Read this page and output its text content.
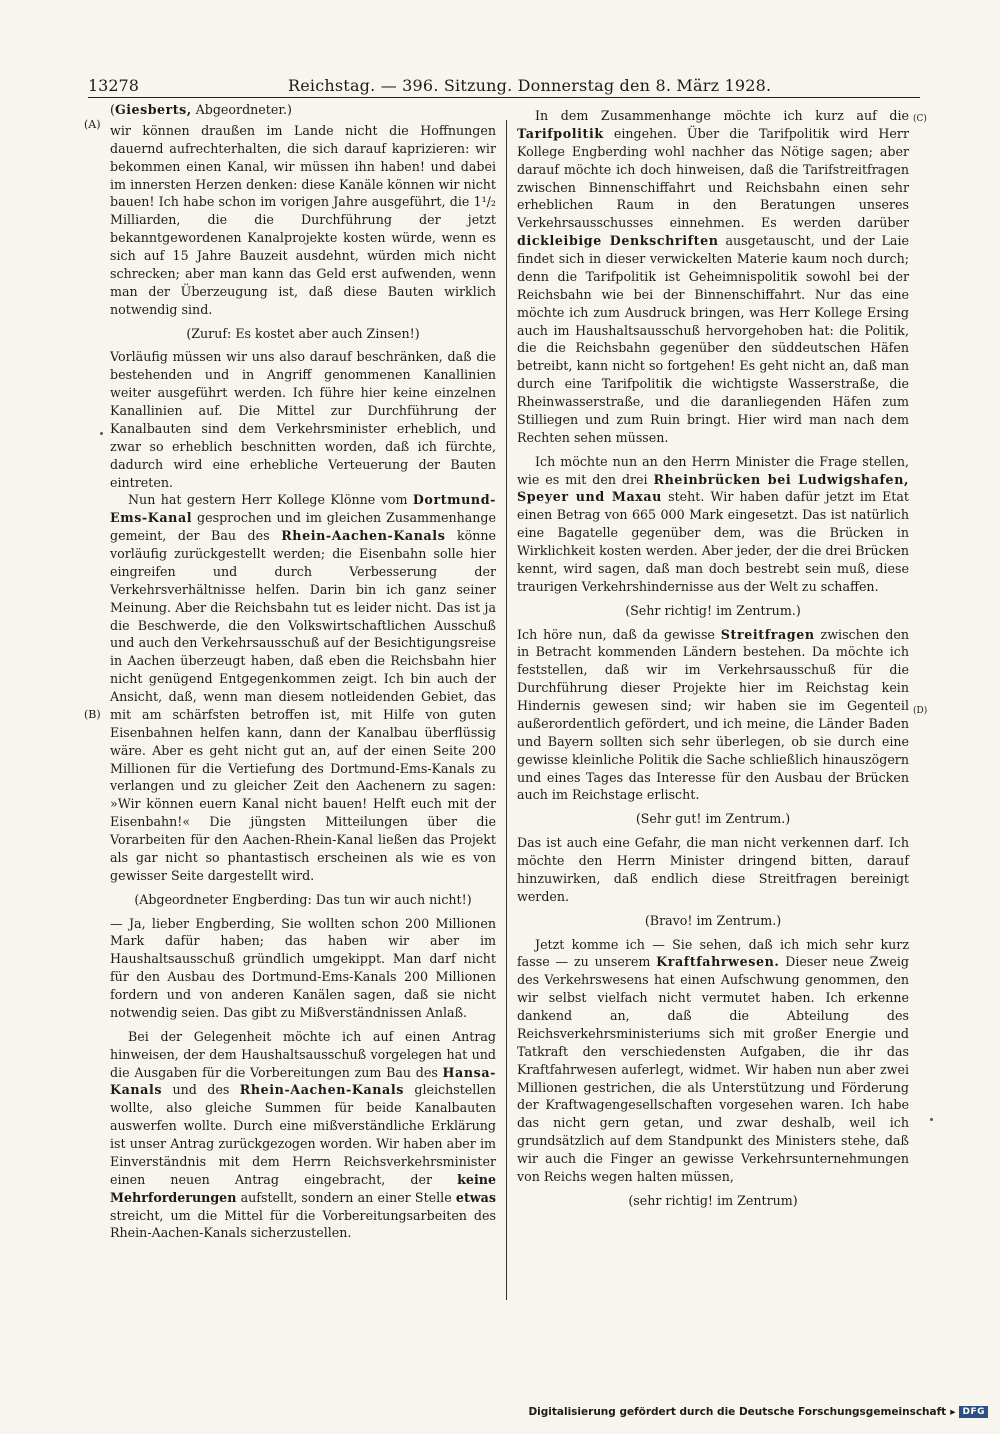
13278	Reichstag. — 396. Sitzung. Donnerstag den 8. März 1928.
(A)
(B)
(C)
(D)

(Giesberts, Abgeordneter.)

wir können draußen im Lande nicht die Hoffnungen dauernd aufrechterhalten, die sich darauf kaprizieren: wir bekommen einen Kanal, wir müssen ihn haben! und dabei im innersten Herzen denken: diese Kanäle können wir nicht bauen! Ich habe schon im vorigen Jahre ausgeführt, die 1¹/₂ Milliarden, die die Durchführung der jetzt bekanntgewordenen Kanalprojekte kosten würde, wenn es sich auf 15 Jahre Bauzeit ausdehnt, würden mich nicht schrecken; aber man kann das Geld erst aufwenden, wenn man der Überzeugung ist, daß diese Bauten wirklich notwendig sind.

(Zuruf: Es kostet aber auch Zinsen!)

Vorläufig müssen wir uns also darauf beschränken, daß die bestehenden und in Angriff genommenen Kanallinien weiter ausgeführt werden. Ich führe hier keine einzelnen Kanallinien auf. Die Mittel zur Durchführung der Kanalbauten sind dem Verkehrsminister erheblich, und zwar so erheblich beschnitten worden, daß ich fürchte, dadurch wird eine erhebliche Verteuerung der Bauten eintreten.

Nun hat gestern Herr Kollege Klönne vom Dortmund-Ems-Kanal gesprochen und im gleichen Zusammenhange gemeint, der Bau des Rhein-Aachen-Kanals könne vorläufig zurückgestellt werden; die Eisenbahn solle hier eingreifen und durch Verbesserung der Verkehrsverhältnisse helfen. Darin bin ich ganz seiner Meinung. Aber die Reichsbahn tut es leider nicht. Das ist ja die Beschwerde, die den Volkswirtschaftlichen Ausschuß und auch den Verkehrsausschuß auf der Besichtigungsreise in Aachen überzeugt haben, daß eben die Reichsbahn hier nicht genügend Entgegenkommen zeigt. Ich bin auch der Ansicht, daß, wenn man diesem notleidenden Gebiet, das mit am schärfsten betroffen ist, mit Hilfe von guten Eisenbahnen helfen kann, dann der Kanalbau überflüssig wäre. Aber es geht nicht gut an, auf der einen Seite 200 Millionen für die Vertiefung des Dortmund-Ems-Kanals zu verlangen und zu gleicher Zeit den Aachenern zu sagen: »Wir können euern Kanal nicht bauen! Helft euch mit der Eisenbahn!« Die jüngsten Mitteilungen über die Vorarbeiten für den Aachen-Rhein-Kanal ließen das Projekt als gar nicht so phantastisch erscheinen als wie es von gewisser Seite dargestellt wird.

(Abgeordneter Engberding: Das tun wir auch nicht!)

— Ja, lieber Engberding, Sie wollten schon 200 Millionen Mark dafür haben; das haben wir aber im Haushaltsausschuß gründlich umgekippt. Man darf nicht für den Ausbau des Dortmund-Ems-Kanals 200 Millionen fordern und von anderen Kanälen sagen, daß sie nicht notwendig seien. Das gibt zu Mißverständnissen Anlaß.

Bei der Gelegenheit möchte ich auf einen Antrag hinweisen, der dem Haushaltsausschuß vorgelegen hat und die Ausgaben für die Vorbereitungen zum Bau des Hansa-Kanals und des Rhein-Aachen-Kanals gleichstellen wollte, also gleiche Summen für beide Kanalbauten auswerfen wollte. Durch eine mißverständliche Erklärung ist unser Antrag zurückgezogen worden. Wir haben aber im Einverständnis mit dem Herrn Reichsverkehrsminister einen neuen Antrag eingebracht, der keine Mehrforderungen aufstellt, sondern an einer Stelle etwas streicht, um die Mittel für die Vorbereitungsarbeiten des Rhein-Aachen-Kanals sicherzustellen.

In dem Zusammenhange möchte ich kurz auf die Tarifpolitik eingehen. Über die Tarifpolitik wird Herr Kollege Engberding wohl nachher das Nötige sagen; aber darauf möchte ich doch hinweisen, daß die Tarifstreitfragen zwischen Binnenschiffahrt und Reichsbahn einen sehr erheblichen Raum in den Beratungen unseres Verkehrsausschusses einnehmen. Es werden darüber dickleibige Denkschriften ausgetauscht, und der Laie findet sich in dieser verwickelten Materie kaum noch durch; denn die Tarifpolitik ist Geheimnispolitik sowohl bei der Reichsbahn wie bei der Binnenschiffahrt. Nur das eine möchte ich zum Ausdruck bringen, was Herr Kollege Ersing auch im Haushaltsausschuß hervorgehoben hat: die Politik, die die Reichsbahn gegenüber den süddeutschen Häfen betreibt, kann nicht so fortgehen! Es geht nicht an, daß man durch eine Tarifpolitik die wichtigste Wasserstraße, die Rheinwasserstraße, und die daranliegenden Häfen zum Stilliegen und zum Ruin bringt. Hier wird man nach dem Rechten sehen müssen.

Ich möchte nun an den Herrn Minister die Frage stellen, wie es mit den drei Rheinbrücken bei Ludwigshafen, Speyer und Maxau steht. Wir haben dafür jetzt im Etat einen Betrag von 665 000 Mark eingesetzt. Das ist natürlich eine Bagatelle gegenüber dem, was die Brücken in Wirklichkeit kosten werden. Aber jeder, der die drei Brücken kennt, wird sagen, daß man doch bestrebt sein muß, diese traurigen Verkehrshindernisse aus der Welt zu schaffen.

(Sehr richtig! im Zentrum.)

Ich höre nun, daß da gewisse Streitfragen zwischen den in Betracht kommenden Ländern bestehen. Da möchte ich feststellen, daß wir im Verkehrsausschuß für die Durchführung dieser Projekte hier im Reichstag kein Hindernis gewesen sind; wir haben sie im Gegenteil außerordentlich gefördert, und ich meine, die Länder Baden und Bayern sollten sich sehr überlegen, ob sie durch eine gewisse kleinliche Politik die Sache schließlich hinauszögern und eines Tages das Interesse für den Ausbau der Brücken auch im Reichstage erlischt.

(Sehr gut! im Zentrum.)

Das ist auch eine Gefahr, die man nicht verkennen darf. Ich möchte den Herrn Minister dringend bitten, darauf hinzuwirken, daß endlich diese Streitfragen bereinigt werden.

(Bravo! im Zentrum.)

Jetzt komme ich — Sie sehen, daß ich mich sehr kurz fasse — zu unserem Kraftfahrwesen. Dieser neue Zweig des Verkehrswesens hat einen Aufschwung genommen, den wir selbst vielfach nicht vermutet haben. Ich erkenne dankend an, daß die Abteilung des Reichsverkehrsministeriums sich mit großer Energie und Tatkraft den verschiedensten Aufgaben, die ihr das Kraftfahrwesen auferlegt, widmet. Wir haben nun aber zwei Millionen gestrichen, die als Unterstützung und Förderung der Kraftwagengesellschaften vorgesehen waren. Ich habe das nicht gern getan, und zwar deshalb, weil ich grundsätzlich auf dem Standpunkt des Ministers stehe, daß wir auch die Finger an gewisse Verkehrsunternehmungen von Reichs wegen halten müssen,

(sehr richtig! im Zentrum)

Digitalisierung gefördert durch die Deutsche Forschungsgemeinschaft ▸ DFG
